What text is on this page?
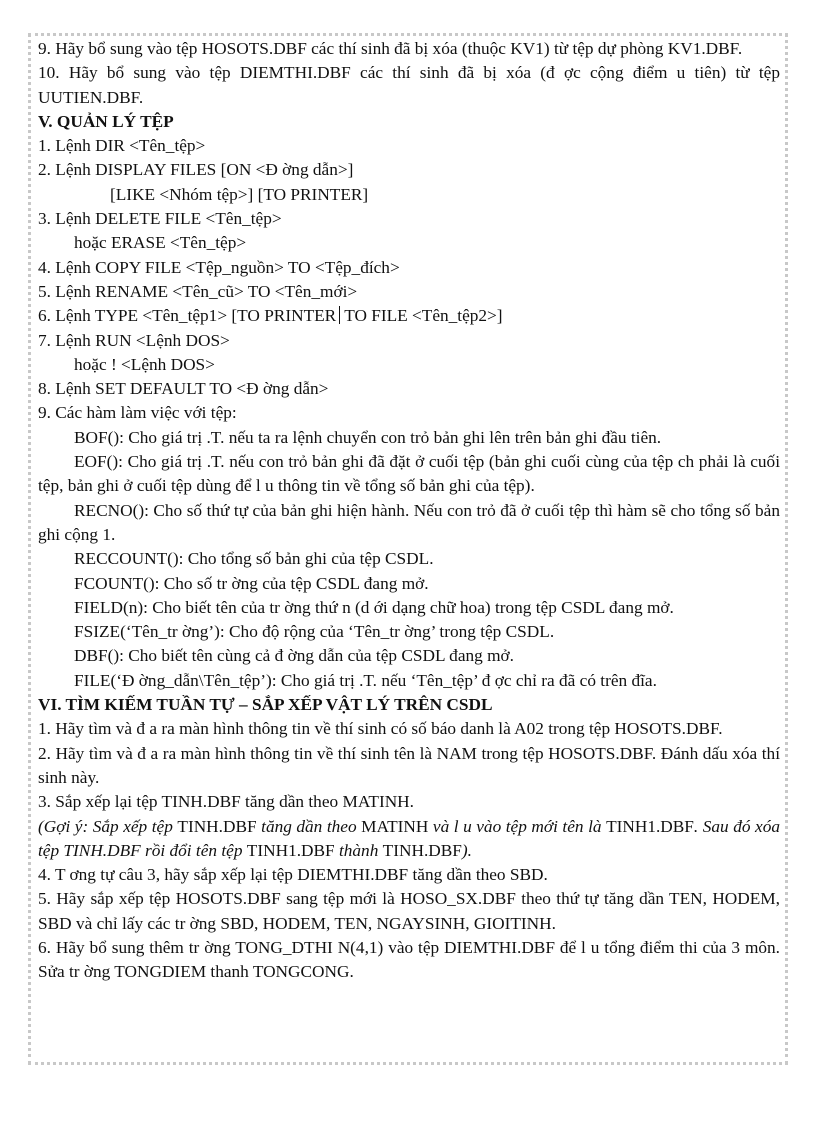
9. Hãy bổ sung vào tệp HOSOTS.DBF các thí sinh đã bị xóa (thuộc KV1) từ tệp dự phòng KV1.DBF.

10. Hãy bổ sung vào tệp DIEMTHI.DBF các thí sinh đã bị xóa (đ ợc cộng điểm u tiên) từ tệp UUTIEN.DBF.

V. QUẢN LÝ TỆP

1. Lệnh DIR <Tên_tệp>

2. Lệnh DISPLAY FILES [ON <Đ ờng dẫn>]

[LIKE <Nhóm tệp>] [TO PRINTER]

3. Lệnh DELETE FILE <Tên_tệp>

hoặc ERASE <Tên_tệp>

4. Lệnh COPY FILE <Tệp_nguồn> TO <Tệp_đích>

5. Lệnh RENAME <Tên_cũ> TO <Tên_mới>

6. Lệnh TYPE <Tên_tệp1> [TO PRINTER TO FILE <Tên_tệp2>]

7. Lệnh RUN <Lệnh DOS>

hoặc ! <Lệnh DOS>

8. Lệnh SET DEFAULT TO <Đ ờng dẫn>

9. Các hàm làm việc với tệp:

BOF(): Cho giá trị .T. nếu ta ra lệnh chuyển con trỏ bản ghi lên trên bản ghi đầu tiên.

EOF(): Cho giá trị .T. nếu con trỏ bản ghi đã đặt ở cuối tệp (bản ghi cuối cùng của tệp ch phải là cuối tệp, bản ghi ở cuối tệp dùng để l u thông tin về tổng số bản ghi của tệp).

RECNO(): Cho số thứ tự của bản ghi hiện hành. Nếu con trỏ đã ở cuối tệp thì hàm sẽ cho tổng số bản ghi cộng 1.

RECCOUNT(): Cho tổng số bản ghi của tệp CSDL.

FCOUNT(): Cho số tr ờng của tệp CSDL đang mở.

FIELD(n): Cho biết tên của tr ờng thứ n (d ới dạng chữ hoa) trong tệp CSDL đang mở.

FSIZE(‘Tên_tr ờng’): Cho độ rộng của ‘Tên_tr ờng’ trong tệp CSDL.

DBF(): Cho biết tên cùng cả đ ờng dẫn của tệp CSDL đang mở.

FILE(‘Đ ờng_dẫn\Tên_tệp’): Cho giá trị .T. nếu ‘Tên_tệp’ đ ợc chỉ ra đã có trên đĩa.

VI. TÌM KIẾM TUẦN TỰ – SẮP XẾP VẬT LÝ TRÊN CSDL

1. Hãy tìm và đ a ra màn hình thông tin về thí sinh có số báo danh là A02 trong tệp HOSOTS.DBF.

2. Hãy tìm và đ a ra màn hình thông tin về thí sinh tên là NAM trong tệp HOSOTS.DBF. Đánh dấu xóa thí sinh này.

3. Sắp xếp lại tệp TINH.DBF tăng dần theo MATINH.

(Gợi ý: Sắp xếp tệp TINH.DBF tăng dần theo MATINH và l u vào tệp mới tên là TINH1.DBF. Sau đó xóa tệp TINH.DBF rồi đổi tên tệp TINH1.DBF thành TINH.DBF).

4. T ơng tự câu 3, hãy sắp xếp lại tệp DIEMTHI.DBF tăng dần theo SBD.

5. Hãy sắp xếp tệp HOSOTS.DBF sang tệp mới là HOSO_SX.DBF theo thứ tự tăng dần TEN, HODEM, SBD và chỉ lấy các tr ờng SBD, HODEM, TEN, NGAYSINH, GIOITINH.

6. Hãy bổ sung thêm tr ờng TONG_DTHI N(4,1) vào tệp DIEMTHI.DBF để l u tổng điểm thi của 3 môn. Sửa tr ờng TONGDIEM thanh TONGCONG.
